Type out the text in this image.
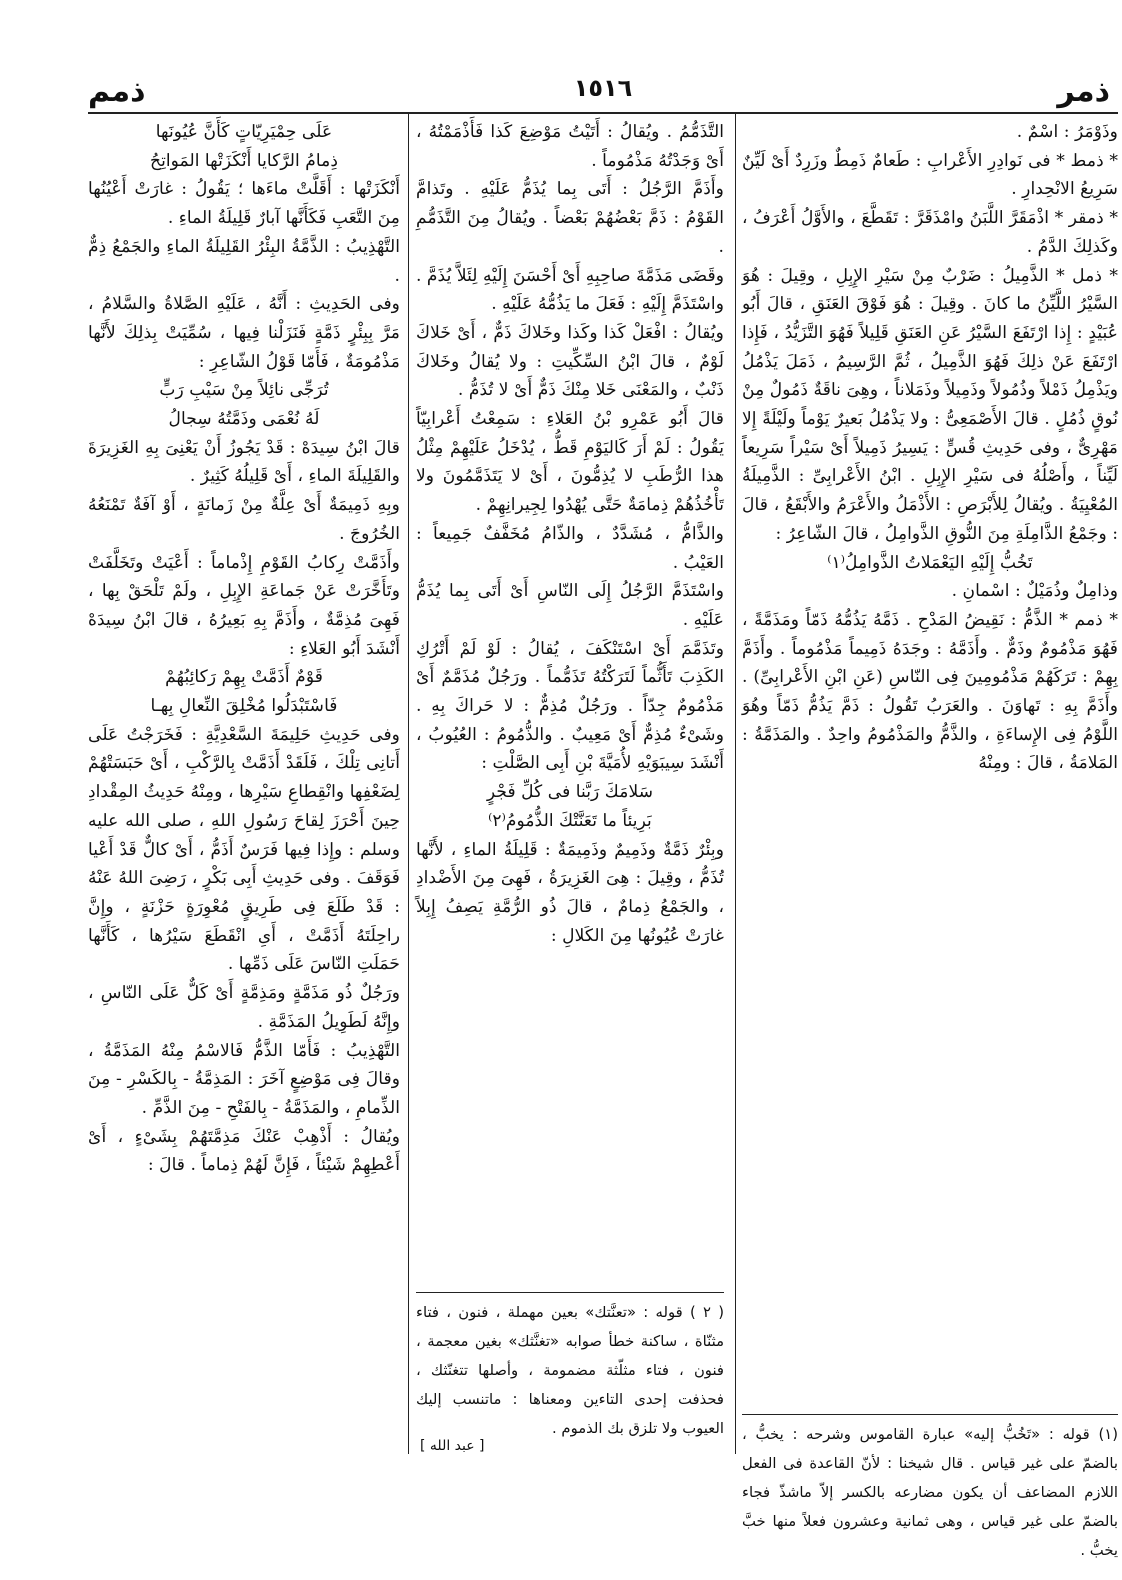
ذمر
١٥١٦
ذمم

وذَوْمَرُ : اسْمٌ .

‏* ذمط * فى نَوادِرِ الأَعْرابِ : طَعامٌ ذَمِطٌ وزَرِدٌ أَىْ لَيِّنٌ سَرِيعُ الانْحِدارِ .

‏* ذمقر * اذْمَقَرَّ اللَّبَنُ وامْذَقَرَّ : تَقَطَّعَ ، والأَوَّلُ أَعْرَفُ ، وكَذلِكَ الدَّمُ .

‏* ذمل * الذَّمِيلُ : ضَرْبٌ مِنْ سَيْرِ الإِبِلِ ، وقِيلَ : هُوَ السَّيْرُ اللَّيِّنُ ما كانَ . وقِيلَ : هُوَ فَوْقَ العَنَقِ ، قالَ أَبُو عُبَيْدٍ : إِذا ارْتَفَعَ السَّيْرُ عَنِ العَنَقِ قَلِيلاً فَهُوَ التَّزَيُّدُ ، فَإِذا ارْتَفَعَ عَنْ ذلِكَ فَهُوَ الذَّمِيلُ ، ثُمَّ الرَّسِيمُ ، ذَمَلَ يَذْمُلُ ويَذْمِلُ ذَمْلاً وذُمُولاً وذَمِيلاً وذَمَلاناً ، وهِىَ ناقَةٌ ذَمُولٌ مِنْ نُوقٍ ذُمُلٍ . قالَ الأَصْمَعِىُّ : ولا يَذْمُلُ بَعيرٌ يَوْماً ولَيْلَةً إِلا مَهْرِىٌّ ، وفى حَدِيثِ قُسٍّ : يَسِيرُ ذَمِيلاً أَىْ سَيْراً سَرِيعاً لَيِّناً ، وأَصْلُهُ فى سَيْرِ الإِبِلِ . ابْنُ الأَعْرابِىِّ : الذَّمِيلَةُ المُعْيِيَةُ . ويُقالُ لِلأَبْرَصِ : الأَذْمَلُ والأَعْرَمُ والأَبْقَعُ ، قالَ : وجَمْعُ الذَّامِلَةِ مِنَ النُّوقِ الذَّوامِلُ ، قالَ الشّاعِرُ :

تَخُبُّ إِلَيْهِ اليَعْمَلاتُ الذَّوامِلُ⁽١⁾

وذامِلٌ وذُمَيْلٌ : اسْمانِ .

‏* ذمم * الذَّمُّ : نَقِيضُ المَدْحِ . ذَمَّهُ يَذُمُّهُ ذَمّاً ومَذَمَّةً ، فَهُوَ مَذْمُومٌ وذَمٌّ . وأَذَمَّهُ : وجَدَهُ ذَمِيماً مَذْمُوماً . وأَذَمَّ بِهِمْ : تَرَكَهُمْ مَذْمُومِينَ فِى النّاسِ (عَنِ ابْنِ الأَعْرابِىِّ) . وأَذَمَّ بِهِ : تَهاوَنَ . والعَرَبُ تَقُولُ : ذَمَّ يَذُمُّ ذَمّاً وهُوَ اللَّوْمُ فِى الإِساءَةِ ، والذَّمُّ والمَذْمُومُ واحِدٌ . والمَذَمَّةُ : المَلامَةُ ، قالَ : ومِنْهُ

التَّذَمُّمُ . ويُقالُ : أَتَيْتُ مَوْضِعَ كَذا فَأَذْمَمْتُهُ ، أَىْ وَجَدْتُهُ مَذْمُوماً .

وأَذَمَّ الرَّجُلُ : أَتَى بِما يُذَمُّ عَلَيْهِ . وتَذامَّ القَوْمُ : ذَمَّ بَعْضُهُمْ بَعْضاً . ويُقالُ مِنَ التَّذَمُّمِ .

وقَضَى مَذَمَّةَ صاحِبِهِ أَىْ أَحْسَنَ إِلَيْهِ لِئَلاَّ يُذَمَّ . واسْتَذَمَّ إِلَيْهِ : فَعَلَ ما يَذُمُّهُ عَلَيْهِ .

ويُقالُ : افْعَلْ كَذا وكَذا وخَلاكَ ذَمٌّ ، أَىْ خَلاكَ لَوْمٌ ، قالَ ابْنُ السِّكِّيتِ : ولا يُقالُ وخَلاكَ ذَنْبٌ ، والمَعْنَى خَلا مِنْكَ ذَمٌّ أَىْ لا تُذَمُّ .

قالَ أَبُو عَمْرِو بْنُ العَلاءِ : سَمِعْتُ أَعْرابِيّاً يَقُولُ : لَمْ أَرَ كَاليَوْمِ قَطُّ ، يُدْخَلُ عَلَيْهِمْ مِثْلُ هذا الرُّطَبِ لا يُذِمُّونَ ، أَىْ لا يَتَذَمَّمُونَ ولا تَأْخُذُهُمْ ذِمامَةٌ حَتَّى يُهْدُوا لِجِيرانِهِمْ .

والذَّامُّ ، مُشَدَّدٌ ، والذّامُ مُخَفَّفٌ جَمِيعاً : العَيْبُ .

واسْتَذَمَّ الرَّجُلُ إِلَى النّاسِ أَىْ أَتَى بِما يُذَمُّ عَلَيْهِ .

وتَذَمَّمَ أَىْ اسْتَنْكَفَ ، يُقالُ : لَوْ لَمْ أَتْرُكِ الكَذِبَ تَأَثُّماً لَتَرَكْتُهُ تَذَمُّماً . ورَجُلٌ مُذَمَّمٌ أَىْ مَذْمُومٌ جِدّاً . ورَجُلٌ مُذِمٌّ : لا حَراكَ بِهِ . وشَىْءٌ مُذِمٌّ أَىْ مَعِيبٌ . والذُّمُومُ : العُيُوبُ ، أَنْشَدَ سِيبَوَيْهِ لأُمَيَّةَ بْنِ أَبِى الصَّلْتِ :

سَلامَكَ رَبَّنا فى كُلِّ فَجْرٍ

بَرِيئاً ما تَعَنَّتْكَ الذُّمُومُ⁽٢⁾

وبِئْرٌ ذَمَّةٌ وذَمِيمٌ وذَمِيمَةٌ : قَلِيلَةُ الماءِ ، لأَنَّها تُذَمُّ ، وقِيلَ : هِىَ الغَزِيرَةُ ، فَهِىَ مِنَ الأَضْدادِ ، والجَمْعُ ذِمامٌ ، قالَ ذُو الرُّمَّةِ يَصِفُ إِبِلاً غارَتْ عُيُونُها مِنَ الكَلالِ :

عَلَى حِمْيَرِيّاتٍ كَأَنَّ عُيُونَها

ذِمامُ الرَّكايا أَنْكَزَتْها المَواتِحُ

أَنْكَزَتْها : أَقَلَّتْ ماءَها ؛ يَقُولُ : غارَتْ أَعْيُنُها مِنَ التَّعَبِ فَكَأَنَّها آبارٌ قَلِيلَةُ الماءِ .

التَّهْذِيبُ : الذَّمَّةُ البِئْرُ القَلِيلَةُ الماءِ والجَمْعُ ذِمٌّ .

وفى الحَدِيثِ : أَنَّهُ ، عَلَيْهِ الصَّلاةُ والسَّلامُ ، مَرَّ بِبِئْرٍ ذَمَّةٍ فَنَزَلْنا فِيها ، سُمِّيَتْ بِذلِكَ لأَنَّها مَذْمُومَةٌ ، فَأَمّا قَوْلُ الشّاعِرِ :

تُرَجِّى نائِلاً مِنْ سَيْبِ رَبٍّ

لَهُ نُعْمَى وذَمَّتُهُ سِجالُ

قالَ ابْنُ سِيدَهْ : قَدْ يَجُوزُ أَنْ يَعْنِىَ بِهِ الغَزِيرَةَ والقَلِيلَةَ الماءِ ، أَىْ قَلِيلُهُ كَثِيرٌ .

وبِهِ ذَمِيمَةٌ أَىْ عِلَّةٌ مِنْ زَمانَةٍ ، أَوْ آفَةٌ تَمْنَعُهُ الخُرُوجَ .

وأَذَمَّتْ رِكابُ القَوْمِ إِذْماماً : أَعْيَتْ وتَخَلَّفَتْ وتَأَخَّرَتْ عَنْ جَماعَةِ الإِبِلِ ، ولَمْ تَلْحَقْ بِها ، فَهِىَ مُذِمَّةٌ ، وأَذَمَّ بِهِ بَعِيرُهُ ، قالَ ابْنُ سِيدَهْ أَنْشَدَ أَبُو العَلاءِ :

قَوْمٌ أَذَمَّتْ بِهِمْ رَكائِبُهُمْ

فَاسْتَبْدَلُوا مُخْلِقَ النِّعالِ بِهـا

وفى حَدِيثِ حَلِيمَةَ السَّعْدِيَّةِ : فَخَرَجْتُ عَلَى أَتانِى تِلْكَ ، فَلَقَدْ أَذَمَّتْ بِالرَّكْبِ ، أَىْ حَبَسَتْهُمْ لِضَعْفِها وانْقِطاعِ سَيْرِها ، ومِنْهُ حَدِيثُ المِقْدادِ حِينَ أَحْرَزَ لِقاحَ رَسُولِ اللهِ ، صلى الله عليه وسلم : وإِذا فِيها فَرَسٌ أَذَمُّ ، أَىْ كالٌّ قَدْ أَعْيا فَوَقَفَ . وفى حَدِيثِ أَبِى بَكْرٍ ، رَضِىَ اللهُ عَنْهُ : قَدْ طَلَعَ فِى طَرِيقٍ مُعْوِرَةٍ حَزْنَةٍ ، وإِنَّ راحِلَتَهُ أَذَمَّتْ ، أَىِ انْقَطَعَ سَيْرُها ، كَأَنَّها حَمَلَتِ النّاسَ عَلَى ذَمِّها .

ورَجُلٌ ذُو مَذَمَّةٍ ومَذِمَّةٍ أَىْ كَلٌّ عَلَى النّاسِ ، وإِنَّهُ لَطَوِيلُ المَذَمَّةِ .

التَّهْذِيبُ : فَأَمّا الذَّمُّ فَالاسْمُ مِنْهُ المَذَمَّةُ ، وقالَ فِى مَوْضِعٍ آخَرَ : المَذِمَّةُ - بِالكَسْرِ - مِنَ الذِّمامِ ، والمَذَمَّةُ - بِالفَتْحِ - مِنَ الذَّمِّ .

ويُقالُ : أَذْهِبْ عَنْكَ مَذِمَّتَهُمْ بِشَىْءٍ ، أَىْ أَعْطِهِمْ شَيْئاً ، فَإِنَّ لَهُمْ ذِماماً . قالَ :

(١) قوله : «تَخُبُّ إليه» عبارة القاموس وشرحه : يخبُّ ، بالضمّ على غير قياس . قال شيخنا : لأنّ القاعدة فى الفعل اللازم المضاعف أن يكون مضارعه بالكسر إلاّ ماشذّ فجاء بالضمّ على غير قياس ، وهى ثمانية وعشرون فعلاً منها خبَّ يخبُّ .
( ٢ ) قوله : «تعنَّتك» بعين مهملة ، فنون ، فتاء مثنّاة ، ساكنة خطأ صوابه «تغنَّثك» بغين معجمة ، فنون ، فتاء مثلّثة مضمومة ، وأصلها تتغنّثك ، فحذفت إحدى التاءين ومعناها : ماتنسب إليك العيوب ولا تلزق بك الذموم .
[ عبد الله ]
